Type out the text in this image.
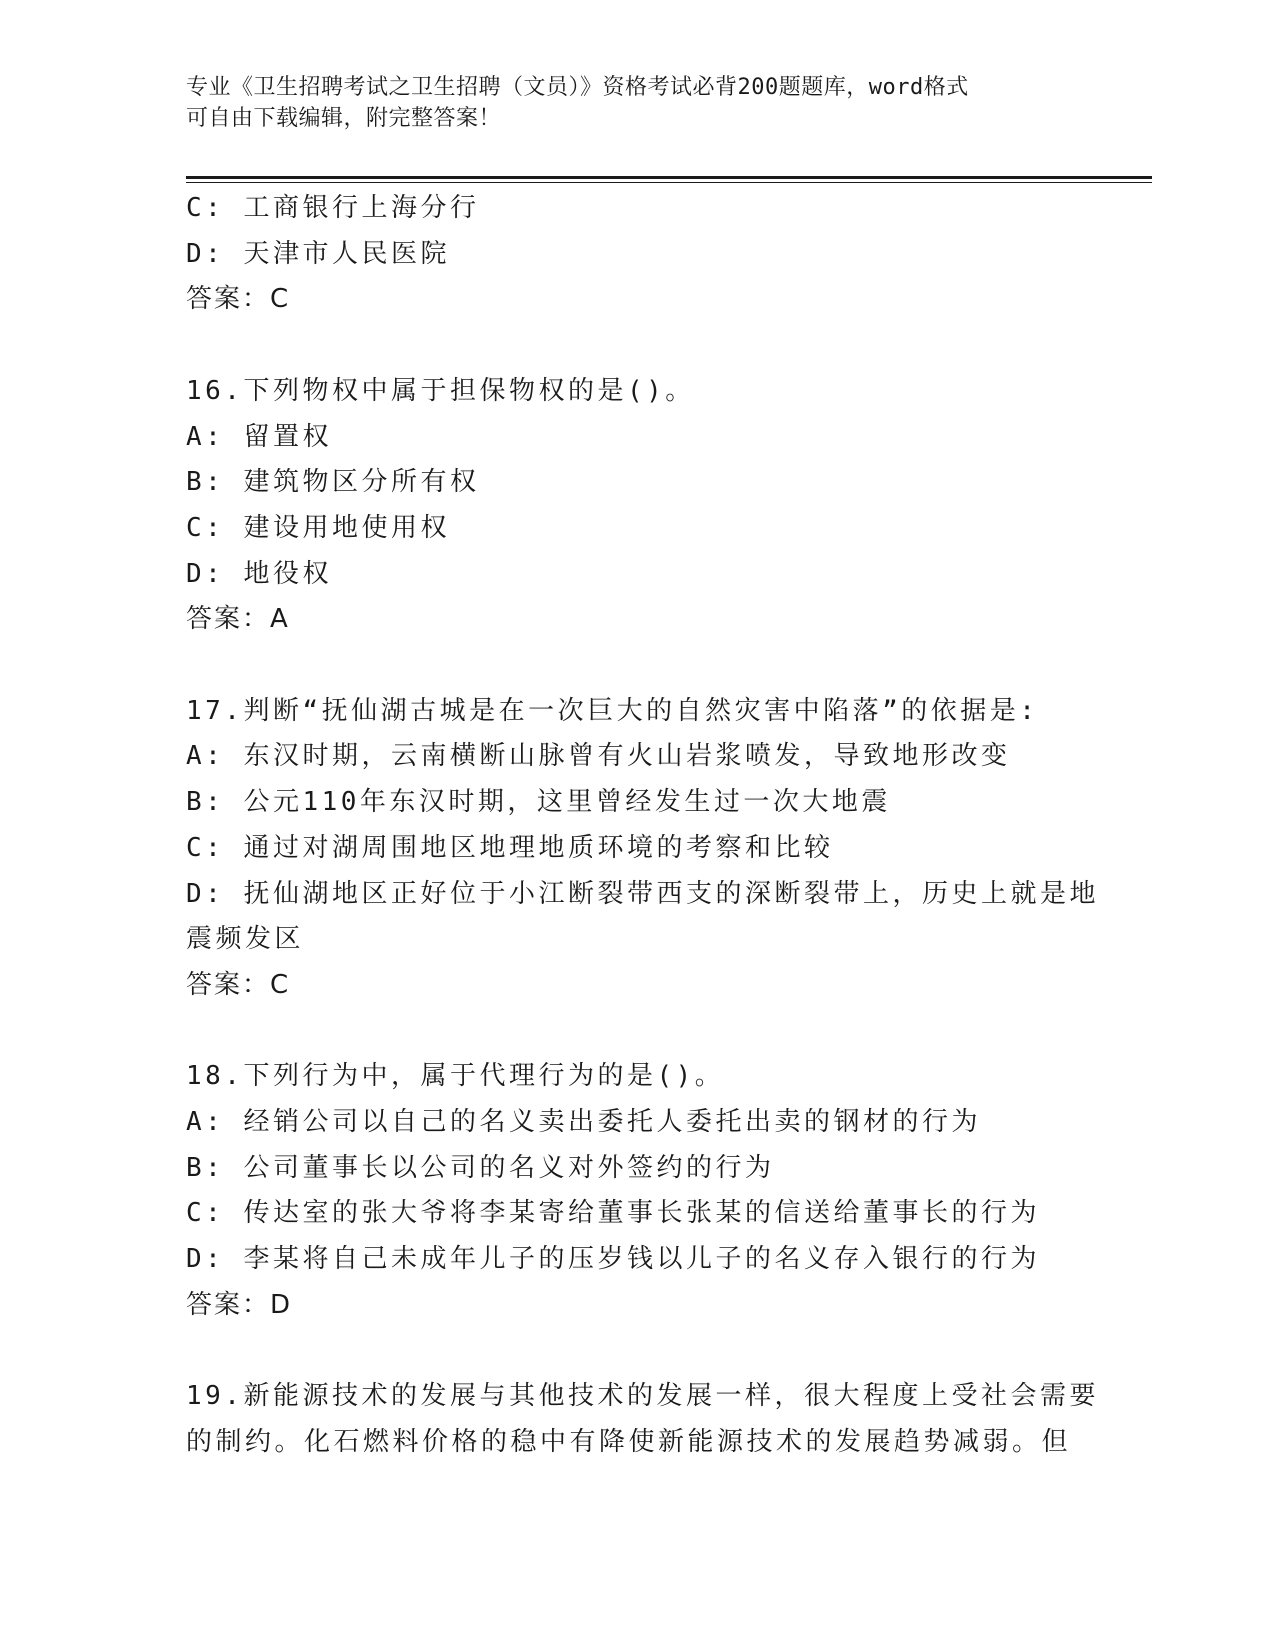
专业《卫生招聘考试之卫生招聘（文员）》资格考试必背200题题库，word格式
可自由下载编辑，附完整答案！
C: 工商银行上海分行
D: 天津市人民医院
答案：C
16.下列物权中属于担保物权的是()。
A: 留置权
B: 建筑物区分所有权
C: 建设用地使用权
D: 地役权
答案：A
17.判断“抚仙湖古城是在一次巨大的自然灾害中陷落”的依据是:
A: 东汉时期，云南横断山脉曾有火山岩浆喷发，导致地形改变
B: 公元110年东汉时期，这里曾经发生过一次大地震
C: 通过对湖周围地区地理地质环境的考察和比较
D: 抚仙湖地区正好位于小江断裂带西支的深断裂带上，历史上就是地
震频发区
答案：C
18.下列行为中，属于代理行为的是()。
A: 经销公司以自己的名义卖出委托人委托出卖的钢材的行为
B: 公司董事长以公司的名义对外签约的行为
C: 传达室的张大爷将李某寄给董事长张某的信送给董事长的行为
D: 李某将自己未成年儿子的压岁钱以儿子的名义存入银行的行为
答案：D
19.新能源技术的发展与其他技术的发展一样，很大程度上受社会需要
的制约。化石燃料价格的稳中有降使新能源技术的发展趋势减弱。但
